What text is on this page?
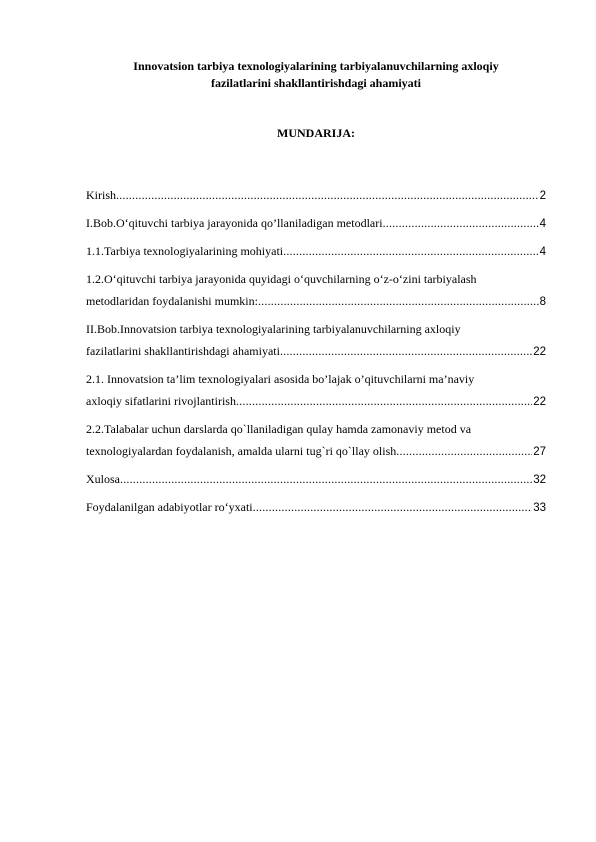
Innovatsion tarbiya texnologiyalarining tarbiyalanuvchilarning axloqiy
fazilatlarini shakllantirishdagi ahamiyati
MUNDARIJA:
Kirish .....	2
I.Bob.O‘qituvchi tarbiya jarayonida qo’llaniladigan metodlari .....	4
1.1.Tarbiya texnologiyalarining mohiyati .....	4
1.2.O‘qituvchi tarbiya jarayonida quyidagi o‘quvchilarning o‘z-o‘zini tarbiyalash
metodlaridan foydalanishi mumkin: .....	8
II.Bob.Innovatsion tarbiya texnologiyalarining tarbiyalanuvchilarning axloqiy
fazilatlarini shakllantirishdagi ahamiyati .....	22
2.1. Innovatsion ta’lim texnologiyalari asosida bo’lajak o’qituvchilarni ma’naviy
axloqiy sifatlarini rivojlantirish .....	22
2.2.Talabalar uchun darslarda qo`llaniladigan qulay hamda zamonaviy metod va
texnologiyalardan foydalanish, amalda ularni tug`ri qo`llay olish .....	27
Xulosa .....	32
Foydalanilgan adabiyotlar ro‘yxati .....	33
